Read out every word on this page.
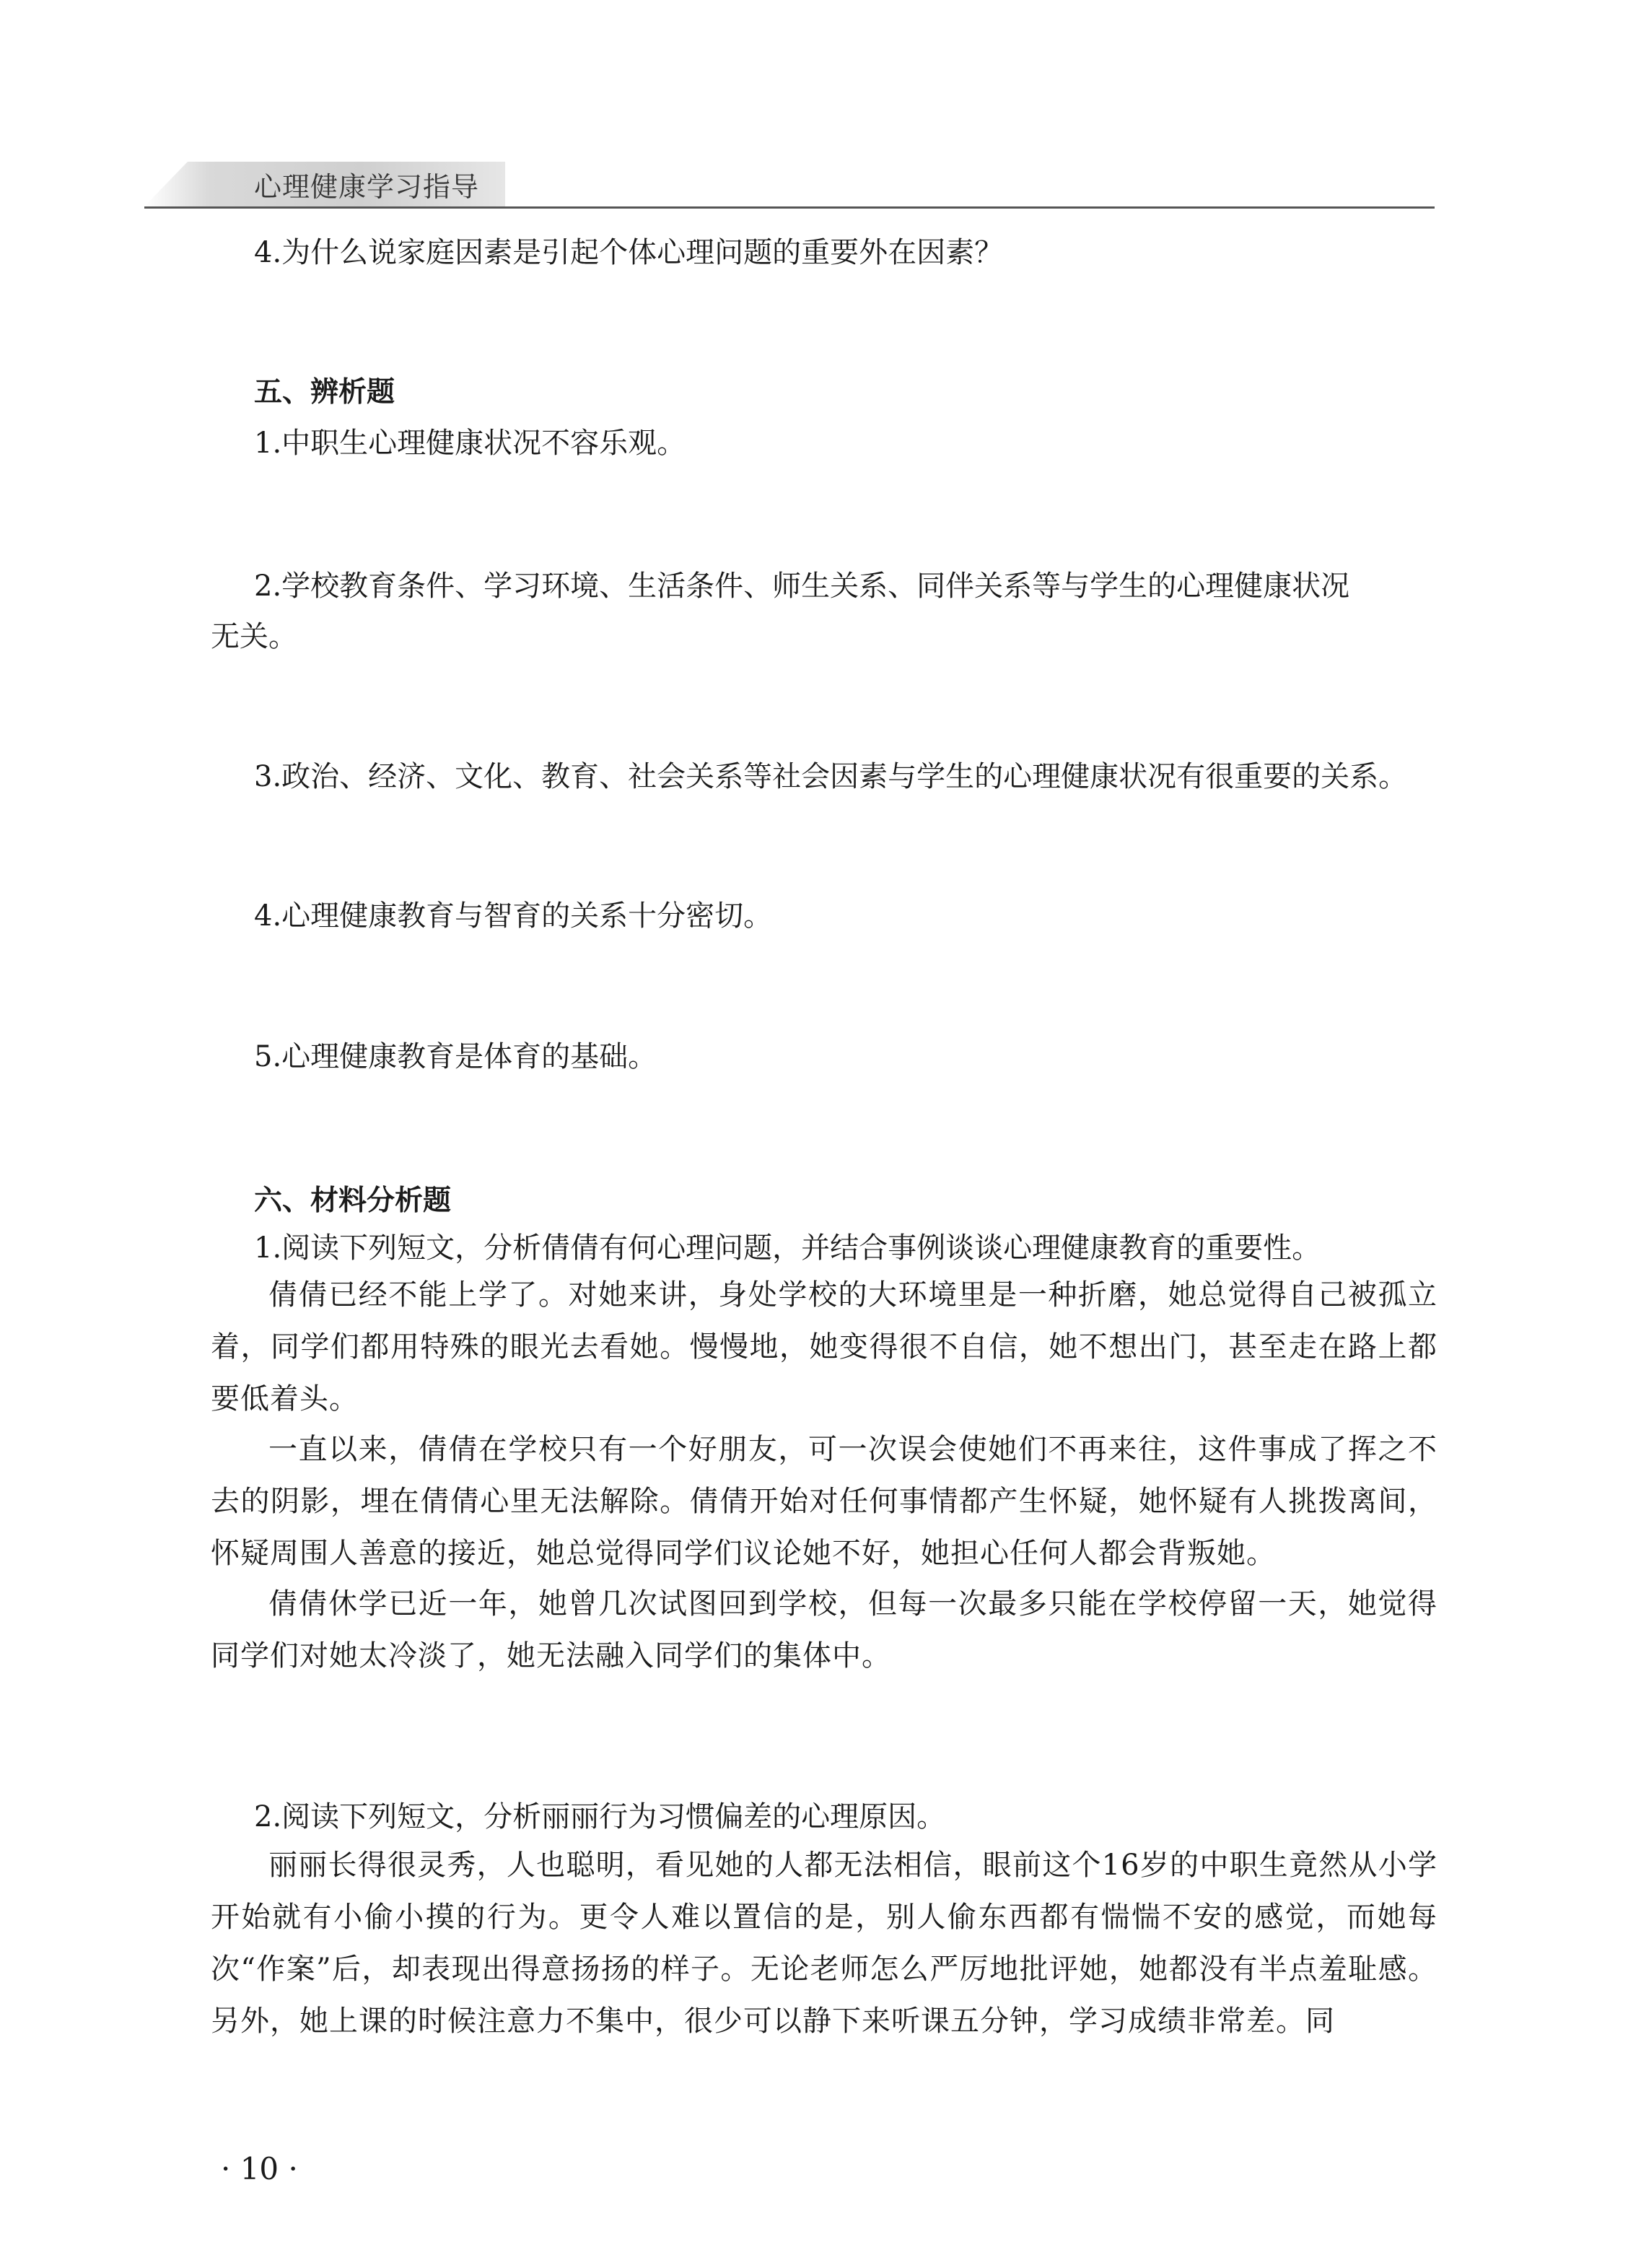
心理健康学习指导
4.为什么说家庭因素是引起个体心理问题的重要外在因素？
五、辨析题
1.中职生心理健康状况不容乐观。
2.学校教育条件、学习环境、生活条件、师生关系、同伴关系等与学生的心理健康状况
无关。
3.政治、经济、文化、教育、社会关系等社会因素与学生的心理健康状况有很重要的关系。
4.心理健康教育与智育的关系十分密切。
5.心理健康教育是体育的基础。
六、材料分析题
1.阅读下列短文，分析倩倩有何心理问题，并结合事例谈谈心理健康教育的重要性。
倩倩已经不能上学了。对她来讲，身处学校的大环境里是一种折磨，她总觉得自己被孤立着，同学们都用特殊的眼光去看她。慢慢地，她变得很不自信，她不想出门，甚至走在路上都要低着头。
一直以来，倩倩在学校只有一个好朋友，可一次误会使她们不再来往，这件事成了挥之不去的阴影，埋在倩倩心里无法解除。倩倩开始对任何事情都产生怀疑，她怀疑有人挑拨离间，怀疑周围人善意的接近，她总觉得同学们议论她不好，她担心任何人都会背叛她。
倩倩休学已近一年，她曾几次试图回到学校，但每一次最多只能在学校停留一天，她觉得同学们对她太冷淡了，她无法融入同学们的集体中。
2.阅读下列短文，分析丽丽行为习惯偏差的心理原因。
丽丽长得很灵秀，人也聪明，看见她的人都无法相信，眼前这个16岁的中职生竟然从小学开始就有小偷小摸的行为。更令人难以置信的是，别人偷东西都有惴惴不安的感觉，而她每次“作案”后，却表现出得意扬扬的样子。无论老师怎么严厉地批评她，她都没有半点羞耻感。另外，她上课的时候注意力不集中，很少可以静下来听课五分钟，学习成绩非常差。同
· 10 ·
